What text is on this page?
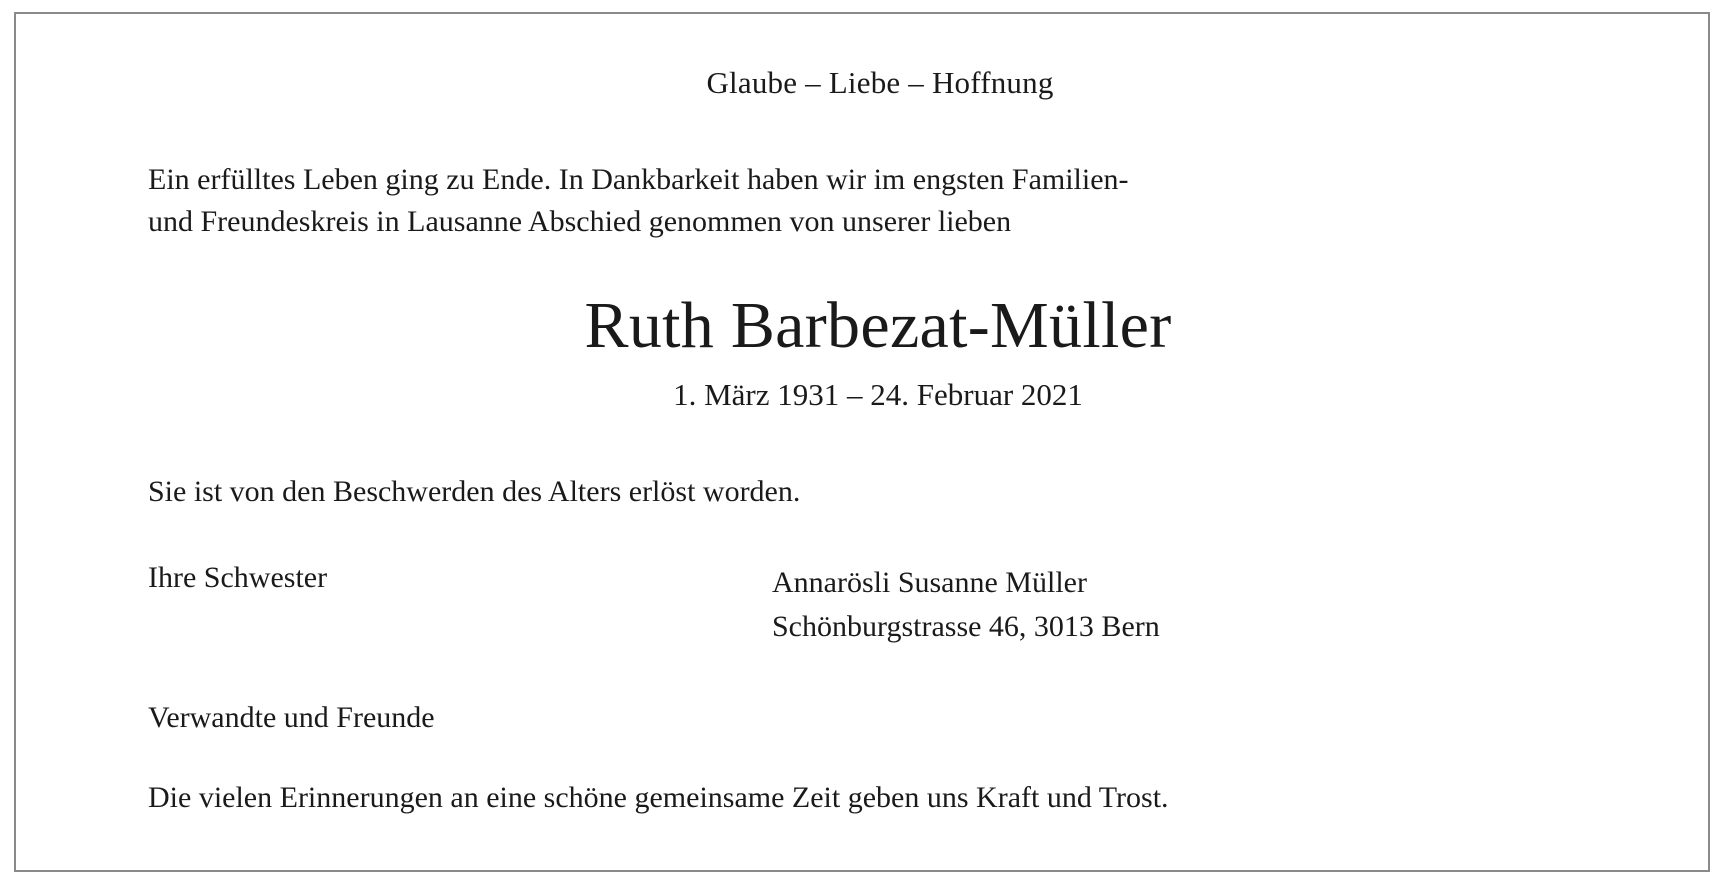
Glaube – Liebe – Hoffnung
Ein erfülltes Leben ging zu Ende. In Dankbarkeit haben wir im engsten Familien-
und Freundeskreis in Lausanne Abschied genommen von unserer lieben
Ruth Barbezat-Müller
1. März 1931 – 24. Februar 2021
Sie ist von den Beschwerden des Alters erlöst worden.
Ihre Schwester	Annarösli Susanne Müller
Schönburgstrasse 46, 3013 Bern
Verwandte und Freunde
Die vielen Erinnerungen an eine schöne gemeinsame Zeit geben uns Kraft und Trost.
